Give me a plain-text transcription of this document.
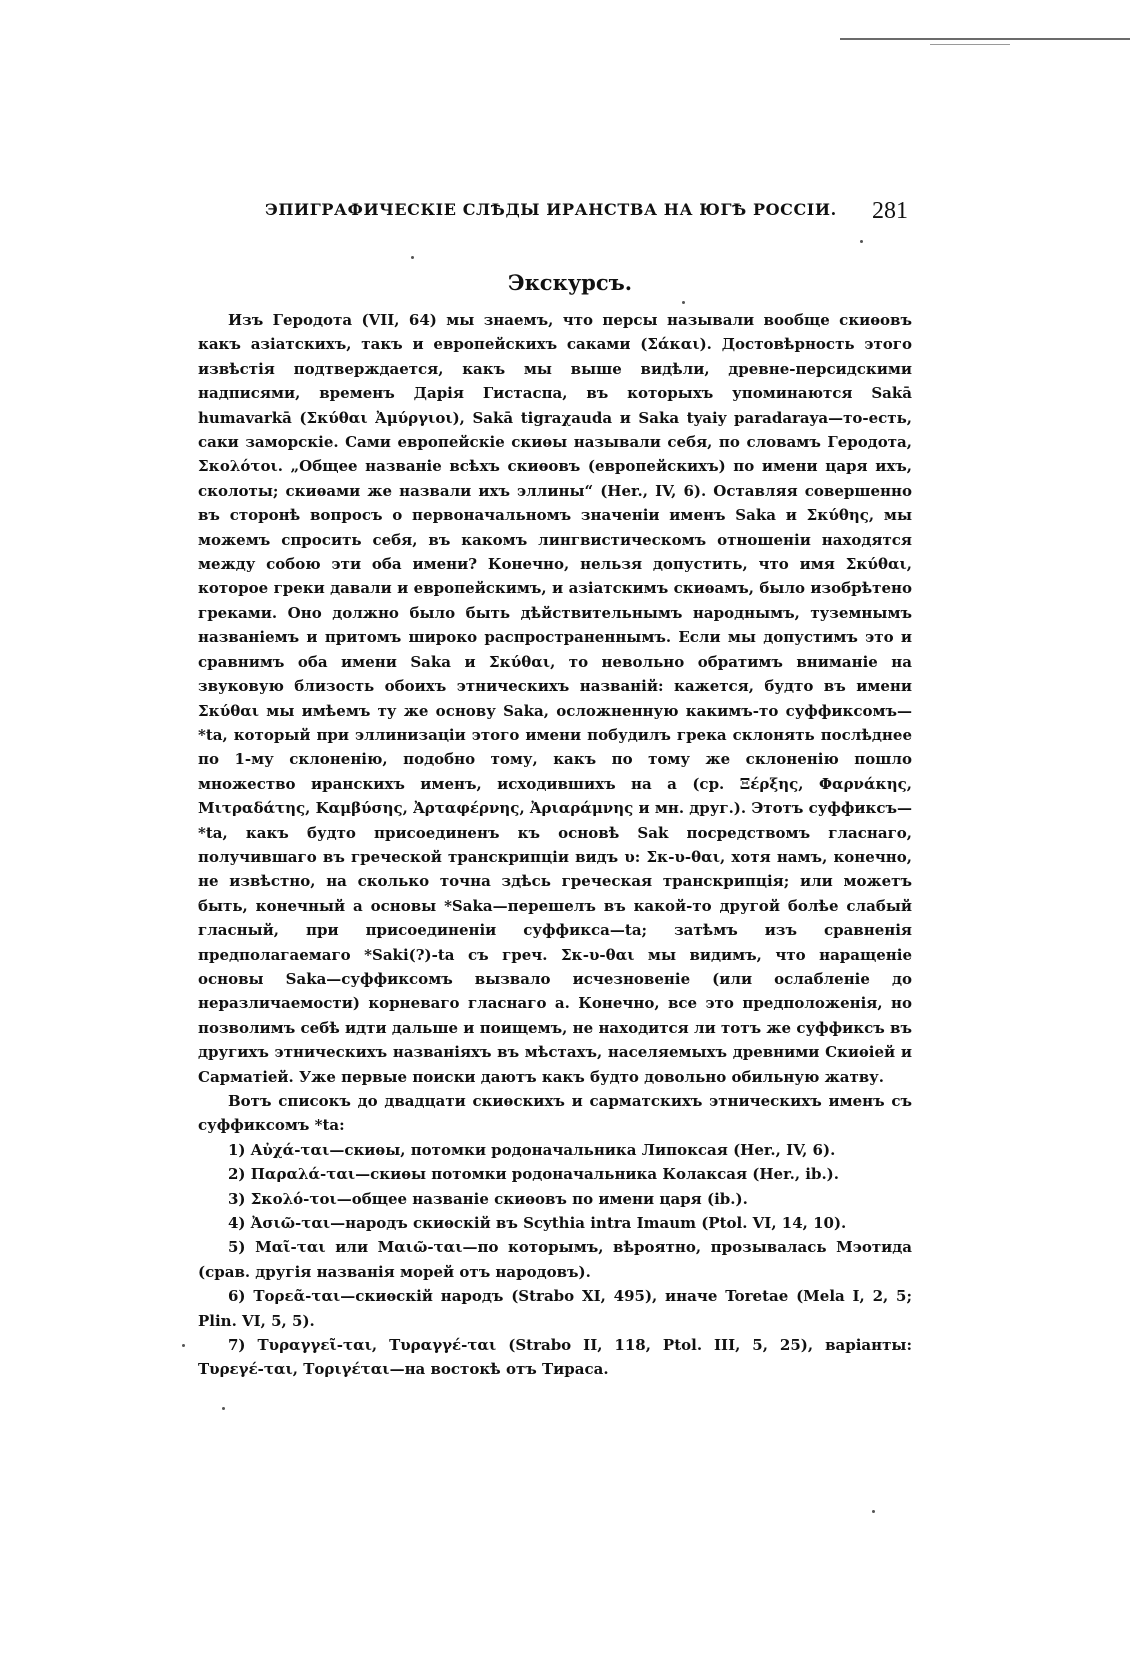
ЭПИГРАФИЧЕСКІЕ СЛѢДЫ ИРАНСТВА НА ЮГѢ РОССІИ.	281
Экскурсъ.

Изъ Геродота (VII, 64) мы знаемъ, что персы называли вообще скиѳовъ какъ азіатскихъ, такъ и европейскихъ саками (Σάκαι). Достовѣрность этого извѣстія подтверждается, какъ мы выше видѣли, древне-персидскими надписями, временъ Дарія Гистаспа, въ которыхъ упоминаются Sakā humavarkā (Σκύθαι Ἀμύργιοι), Sakā tigraχauda и Saka tyaiy paradaraya—то-есть, саки заморскіе. Сами европейскіе скиѳы называли себя, по словамъ Геродота, Σκολότοι. „Общее названіе всѣхъ скиѳовъ (европейскихъ) по имени царя ихъ, сколоты; скиѳами же назвали ихъ эллины“ (Her., IV, 6). Оставляя совершенно въ сторонѣ вопросъ о первоначальномъ значеніи именъ Saka и Σκύθης, мы можемъ спросить себя, въ какомъ лингвистическомъ отношеніи находятся между собою эти оба имени? Конечно, нельзя допустить, что имя Σκύθαι, которое греки давали и европейскимъ, и азіатскимъ скиѳамъ, было изобрѣтено греками. Оно должно было быть дѣйствительнымъ народнымъ, туземнымъ названіемъ и притомъ широко распространеннымъ. Если мы допустимъ это и сравнимъ оба имени Saka и Σκύθαι, то невольно обратимъ вниманіе на звуковую близость обоихъ этническихъ названій: кажется, будто въ имени Σκύθαι мы имѣемъ ту же основу Saka, осложненную какимъ-то суффиксомъ—*ta, который при эллинизаціи этого имени побудилъ грека склонять послѣднее по 1-му склоненію, подобно тому, какъ по тому же склоненію пошло множество иранскихъ именъ, исходившихъ на a (ср. Ξέρξης, Φαρνάκης, Μιτραδάτης, Καμβύσης, Ἀρταφέρνης, Ἀριαράμνης и мн. друг.). Этотъ суффиксъ—*ta, какъ будто присоединенъ къ основѣ Sak посредствомъ гласнаго, получившаго въ греческой транскрипціи видъ υ: Σκ-υ-θαι, хотя намъ, конечно, не извѣстно, на сколько точна здѣсь греческая транскрипція; или можетъ быть, конечный a основы *Saka—перешелъ въ какой-то другой болѣе слабый гласный, при присоединеніи суффикса—ta; затѣмъ изъ сравненія предполагаемаго *Saki(?)-ta съ греч. Σκ-υ-θαι мы видимъ, что наращеніе основы Saka—суффиксомъ вызвало исчезновеніе (или ослабленіе до неразличаемости) корневаго гласнаго a. Конечно, все это предположенія, но позволимъ себѣ идти дальше и поищемъ, не находится ли тотъ же суффиксъ въ другихъ этническихъ названіяхъ въ мѣстахъ, населяемыхъ древними Скиѳіей и Сарматіей. Уже первые поиски даютъ какъ будто довольно обильную жатву.

Вотъ списокъ до двадцати скиѳскихъ и сарматскихъ этническихъ именъ съ суффиксомъ *ta:

1) Αὐχά-ται—скиѳы, потомки родоначальника Липоксая (Her., IV, 6).

2) Παραλά-ται—скиѳы потомки родоначальника Колаксая (Her., ib.).

3) Σκολό-τοι—общее названіе скиѳовъ по имени царя (ib.).

4) Ἀσιῶ-ται—народъ скиѳскій въ Scythia intra Imaum (Ptol. VI, 14, 10).

5) Μαῖ-ται или Μαιῶ-ται—по которымъ, вѣроятно, прозывалась Мэотида (срав. другія названія морей отъ народовъ).

6) Τορεᾶ-ται—скиѳскій народъ (Strabo XI, 495), иначе Toretae (Mela I, 2, 5; Plin. VI, 5, 5).

7) Τυραγγεῖ-ται, Τυραγγέ-ται (Strabo II, 118, Ptol. III, 5, 25), варіанты: Τυρεγέ-ται, Τοριγέται—на востокѣ отъ Тираса.
